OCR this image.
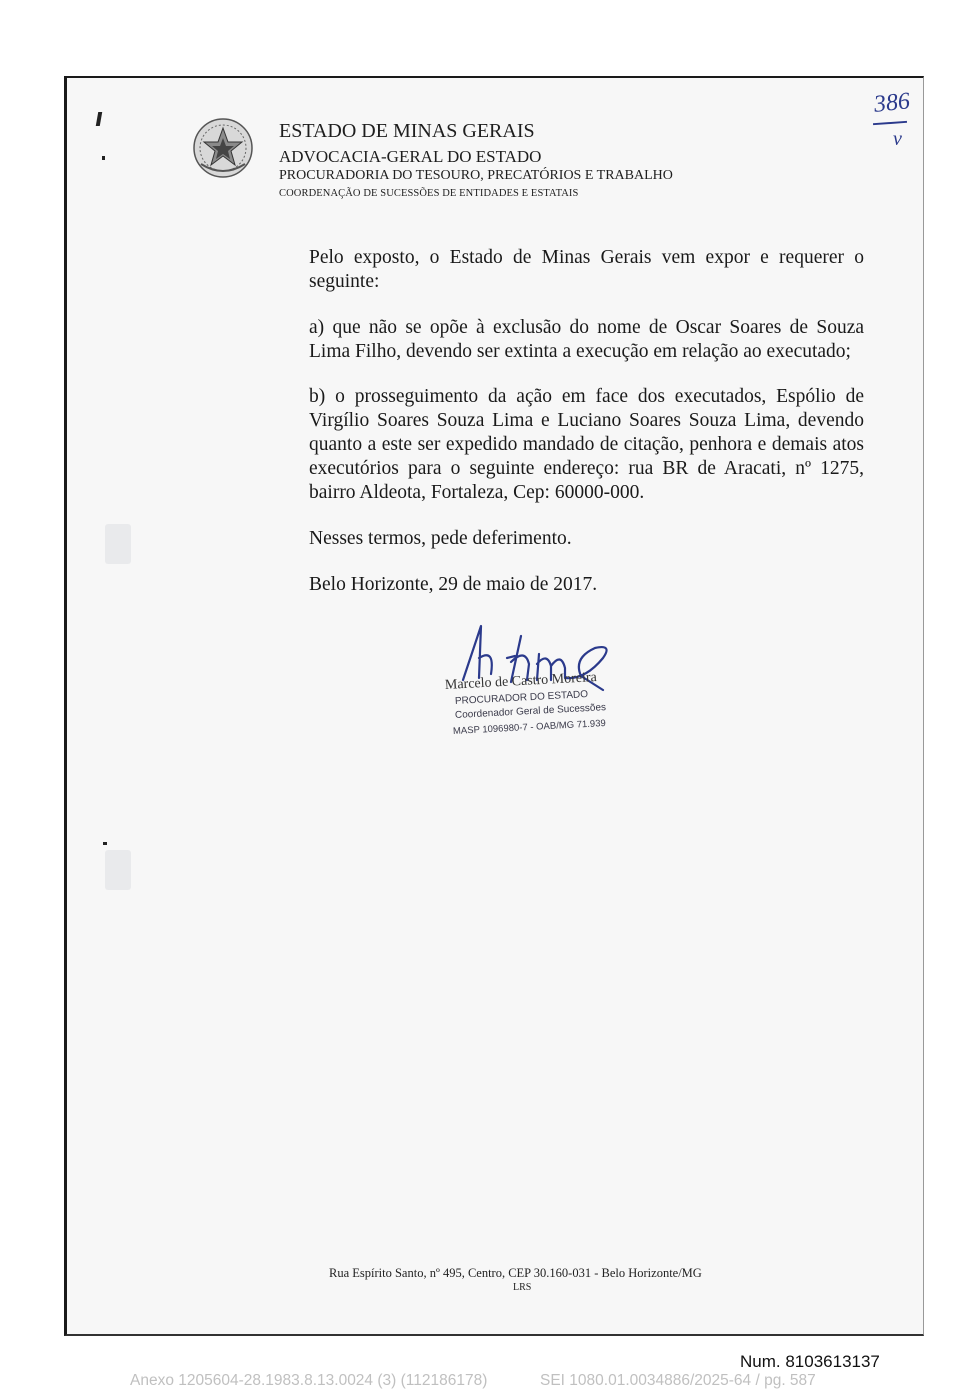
ESTADO DE MINAS GERAIS
ADVOCACIA-GERAL DO ESTADO
PROCURADORIA DO TESOURO, PRECATÓRIOS E TRABALHO
COORDENAÇÃO DE SUCESSÕES DE ENTIDADES E ESTATAIS
386
v
Pelo exposto, o Estado de Minas Gerais vem expor e requerer o seguinte:
a) que não se opõe à exclusão do nome de Oscar Soares de Souza Lima Filho, devendo ser extinta a execução em relação ao executado;
b) o prosseguimento da ação em face dos executados, Espólio de Virgílio Soares Souza Lima e Luciano Soares Souza Lima, devendo quanto a este ser expedido mandado de citação, penhora e demais atos executórios para o seguinte endereço: rua BR de Aracati, nº 1275, bairro Aldeota, Fortaleza, Cep: 60000-000.
Nesses termos, pede deferimento.
Belo Horizonte, 29 de maio de 2017.
Marcelo de Castro Moreira
PROCURADOR DO ESTADO
Coordenador Geral de Sucessões
MASP 1096980-7 - OAB/MG 71.939
Rua Espírito Santo, nº 495, Centro, CEP 30.160-031 - Belo Horizonte/MG
LRS
Num. 8103613137
Anexo 1205604-28.1983.8.13.0024 (3) (112186178)	SEI 1080.01.0034886/2025-64 / pg. 587
